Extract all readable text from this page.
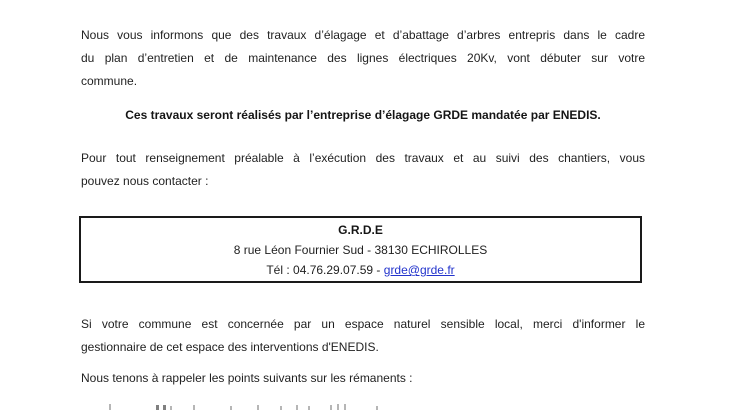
Nous vous informons que des travaux d’élagage et d’abattage d’arbres entrepris dans le cadre
du plan d’entretien et de maintenance des lignes électriques 20Kv, vont débuter sur votre
commune.

Ces travaux seront réalisés par l’entreprise d’élagage GRDE mandatée par ENEDIS.

Pour tout renseignement préalable à l’exécution des travaux et au suivi des chantiers, vous
pouvez nous contacter :

G.R.D.E
8 rue Léon Fournier Sud - 38130 ECHIROLLES
Tél : 04.76.29.07.59 - grde@grde.fr

Si votre commune est concernée par un espace naturel sensible local, merci d'informer le
gestionnaire de cet espace des interventions d'ENEDIS.

Nous tenons à rappeler les points suivants sur les rémanents :
